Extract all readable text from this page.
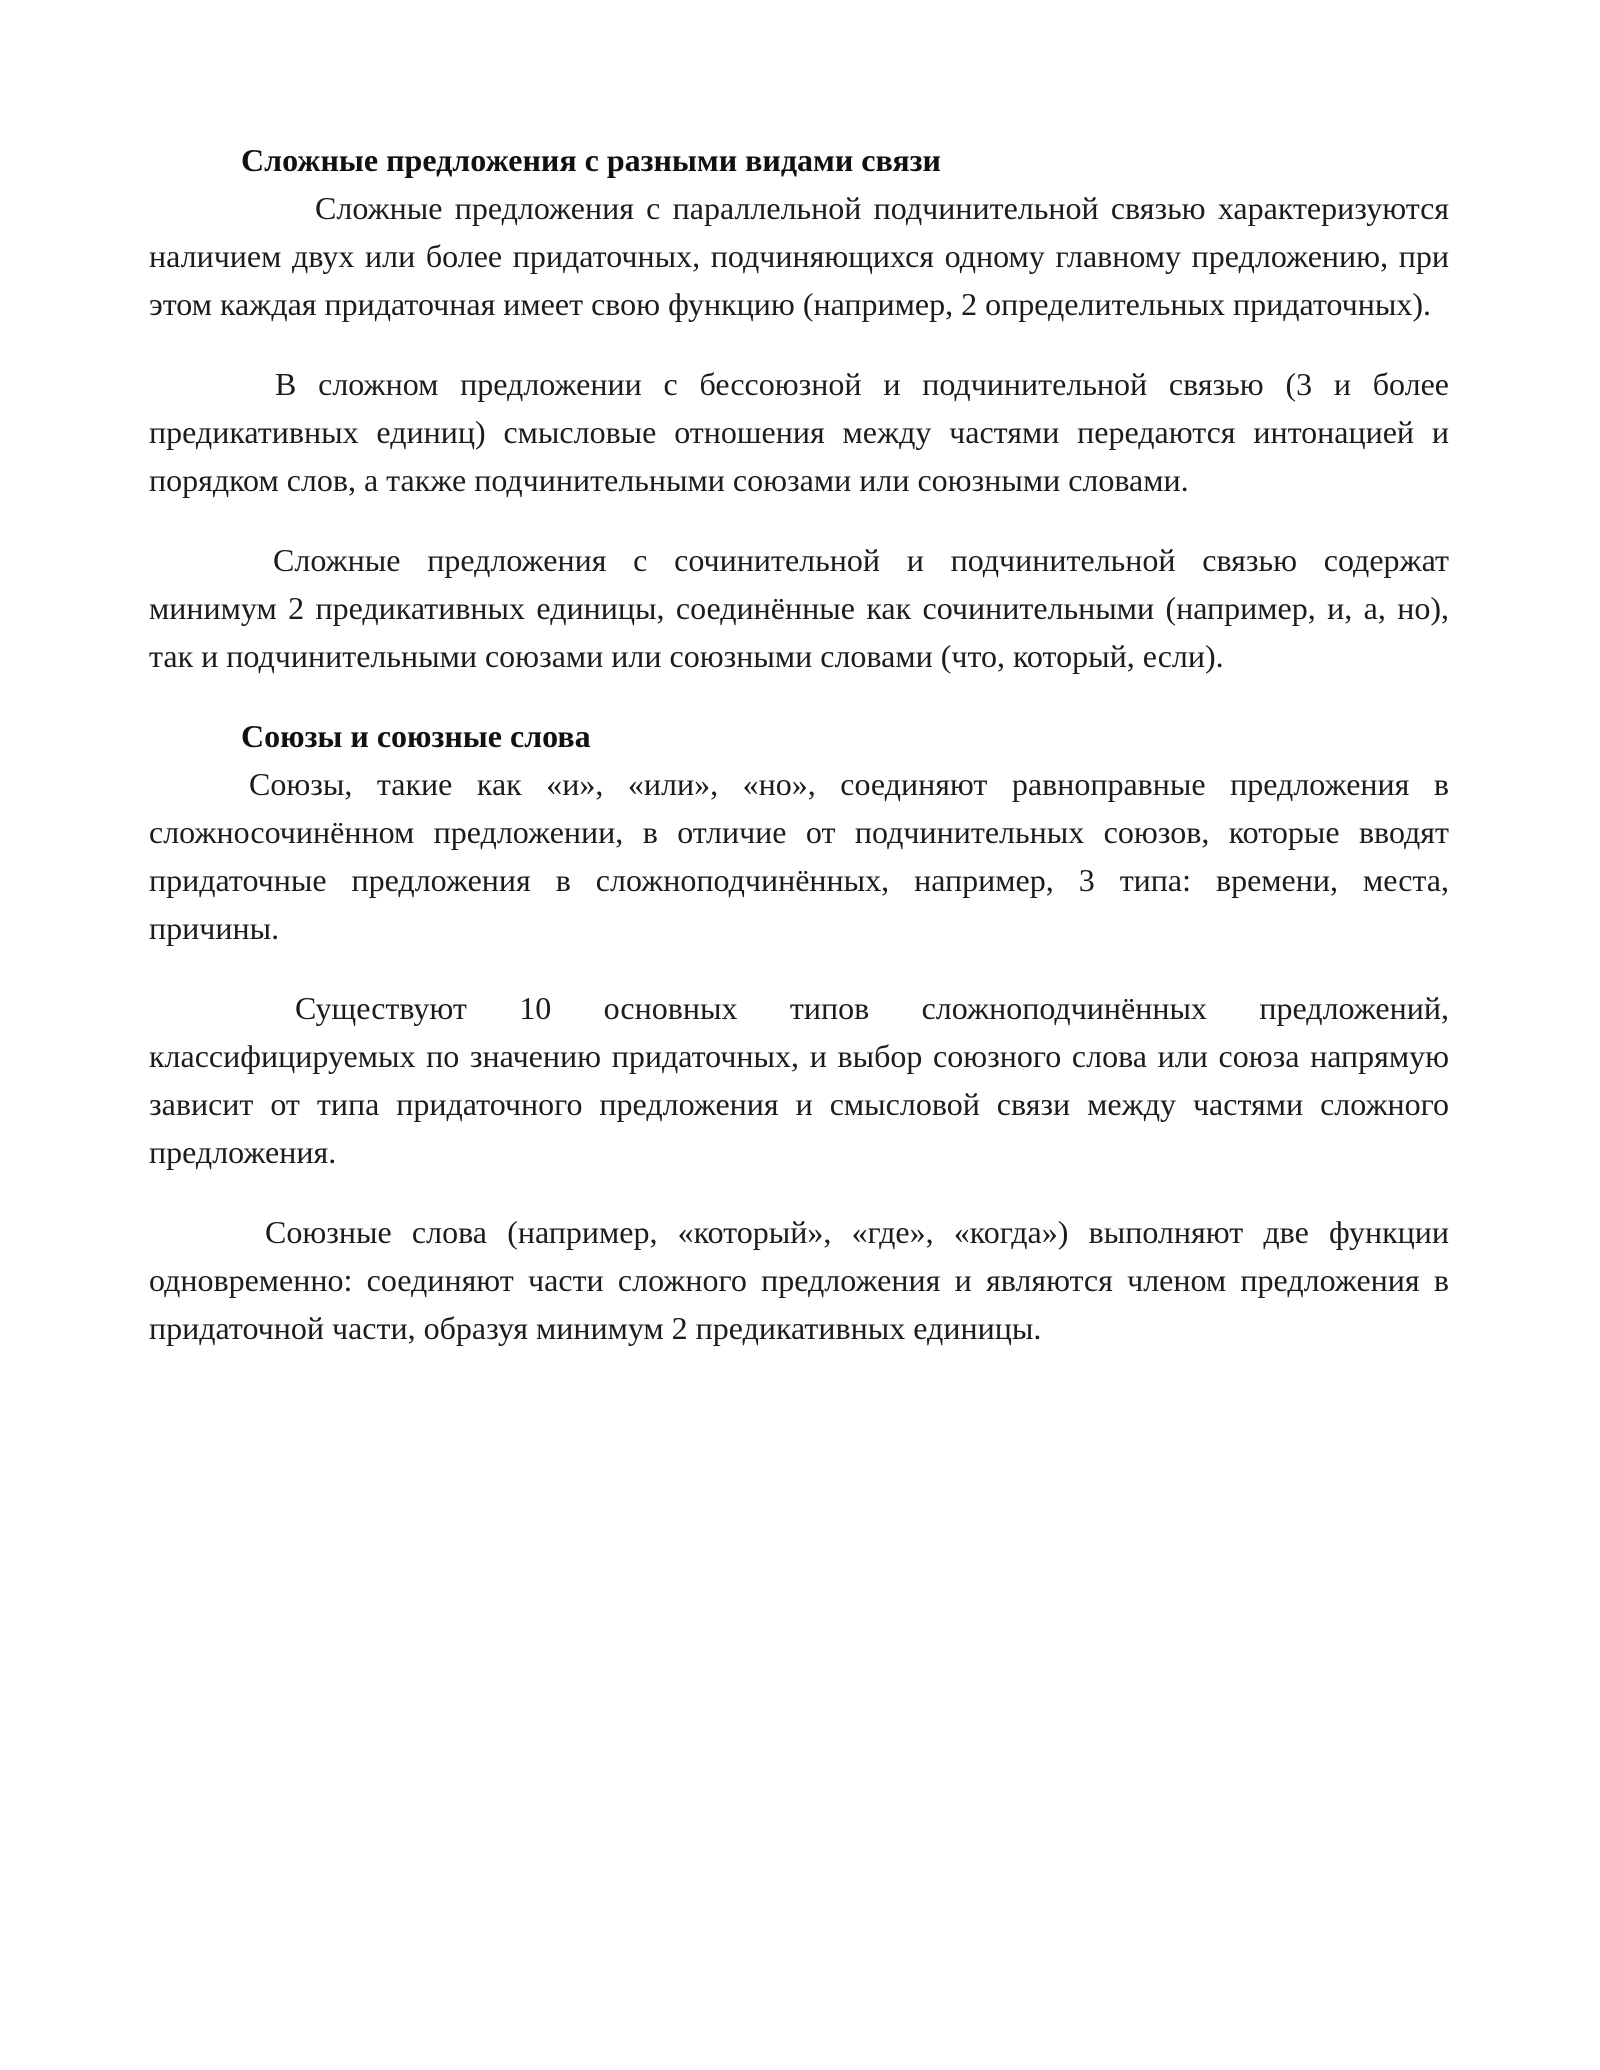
Сложные предложения с разными видами связи

Сложные предложения с параллельной подчинительной связью характеризуются наличием двух или более придаточных, подчиняющихся одному главному предложению, при этом каждая придаточная имеет свою функцию (например, 2 определительных придаточных).

В сложном предложении с бессоюзной и подчинительной связью (3 и более предикативных единиц) смысловые отношения между частями передаются интонацией и порядком слов, а также подчинительными союзами или союзными словами.

Сложные предложения с сочинительной и подчинительной связью содержат минимум 2 предикативных единицы, соединённые как сочинительными (например, и, а, но), так и подчинительными союзами или союзными словами (что, который, если).

Союзы и союзные слова

Союзы, такие как «и», «или», «но», соединяют равноправные предложения в сложносочинённом предложении, в отличие от подчинительных союзов, которые вводят придаточные предложения в сложноподчинённых, например, 3 типа: времени, места, причины.

Существуют 10 основных типов сложноподчинённых предложений, классифицируемых по значению придаточных, и выбор союзного слова или союза напрямую зависит от типа придаточного предложения и смысловой связи между частями сложного предложения.

Союзные слова (например, «который», «где», «когда») выполняют две функции одновременно: соединяют части сложного предложения и являются членом предложения в придаточной части, образуя минимум 2 предикативных единицы.
